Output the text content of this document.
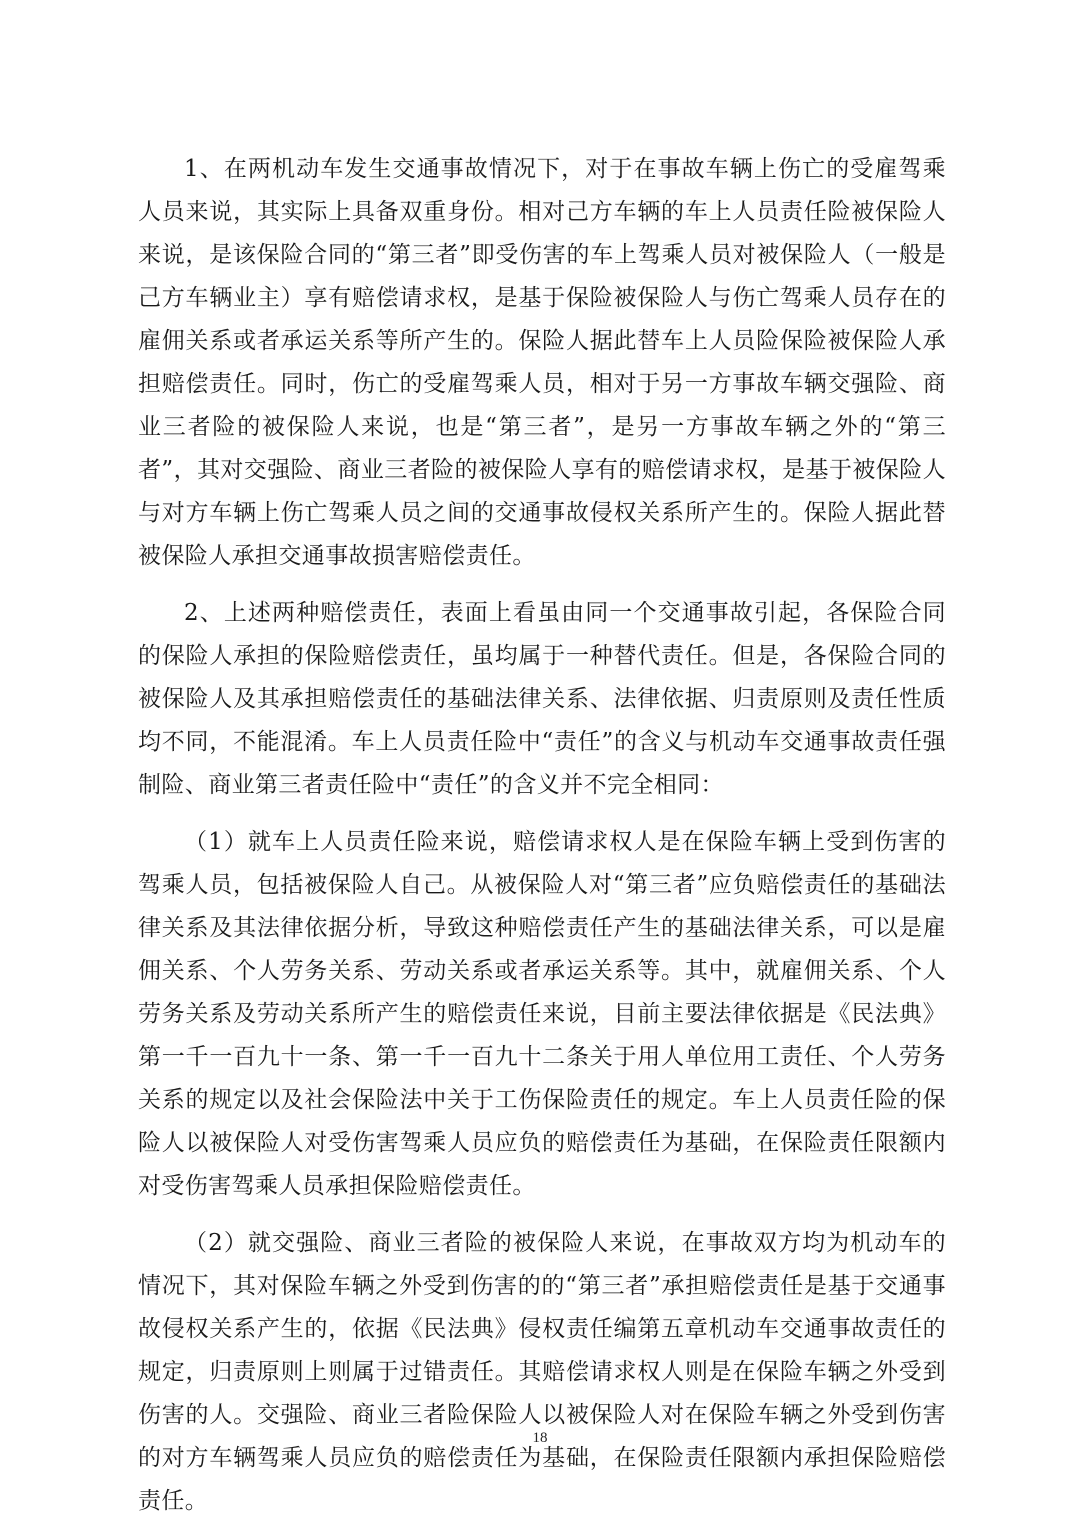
1、在两机动车发生交通事故情况下，对于在事故车辆上伤亡的受雇驾乘人员来说，其实际上具备双重身份。相对己方车辆的车上人员责任险被保险人来说，是该保险合同的“第三者”即受伤害的车上驾乘人员对被保险人（一般是己方车辆业主）享有赔偿请求权，是基于保险被保险人与伤亡驾乘人员存在的雇佣关系或者承运关系等所产生的。保险人据此替车上人员险保险被保险人承担赔偿责任。同时，伤亡的受雇驾乘人员，相对于另一方事故车辆交强险、商业三者险的被保险人来说，也是“第三者”，是另一方事故车辆之外的“第三者”，其对交强险、商业三者险的被保险人享有的赔偿请求权，是基于被保险人与对方车辆上伤亡驾乘人员之间的交通事故侵权关系所产生的。保险人据此替被保险人承担交通事故损害赔偿责任。

2、上述两种赔偿责任，表面上看虽由同一个交通事故引起，各保险合同的保险人承担的保险赔偿责任，虽均属于一种替代责任。但是，各保险合同的被保险人及其承担赔偿责任的基础法律关系、法律依据、归责原则及责任性质均不同，不能混淆。车上人员责任险中“责任”的含义与机动车交通事故责任强制险、商业第三者责任险中“责任”的含义并不完全相同：

（1）就车上人员责任险来说，赔偿请求权人是在保险车辆上受到伤害的驾乘人员，包括被保险人自己。从被保险人对“第三者”应负赔偿责任的基础法律关系及其法律依据分析，导致这种赔偿责任产生的基础法律关系，可以是雇佣关系、个人劳务关系、劳动关系或者承运关系等。其中，就雇佣关系、个人劳务关系及劳动关系所产生的赔偿责任来说，目前主要法律依据是《民法典》第一千一百九十一条、第一千一百九十二条关于用人单位用工责任、个人劳务关系的规定以及社会保险法中关于工伤保险责任的规定。车上人员责任险的保险人以被保险人对受伤害驾乘人员应负的赔偿责任为基础，在保险责任限额内对受伤害驾乘人员承担保险赔偿责任。

（2）就交强险、商业三者险的被保险人来说，在事故双方均为机动车的情况下，其对保险车辆之外受到伤害的的“第三者”承担赔偿责任是基于交通事故侵权关系产生的，依据《民法典》侵权责任编第五章机动车交通事故责任的规定，归责原则上则属于过错责任。其赔偿请求权人则是在保险车辆之外受到伤害的人。交强险、商业三者险保险人以被保险人对在保险车辆之外受到伤害的对方车辆驾乘人员应负的赔偿责任为基础，在保险责任限额内承担保险赔偿责任。

18
